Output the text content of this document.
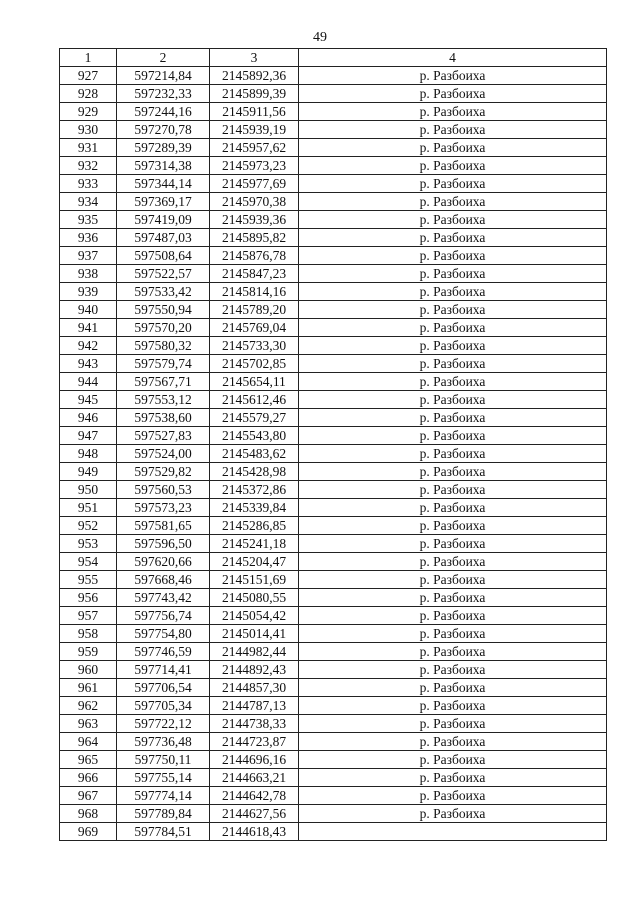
49
1	2	3	4
927	597214,84	2145892,36	р. Разбоиха
928	597232,33	2145899,39	р. Разбоиха
929	597244,16	2145911,56	р. Разбоиха
930	597270,78	2145939,19	р. Разбоиха
931	597289,39	2145957,62	р. Разбоиха
932	597314,38	2145973,23	р. Разбоиха
933	597344,14	2145977,69	р. Разбоиха
934	597369,17	2145970,38	р. Разбоиха
935	597419,09	2145939,36	р. Разбоиха
936	597487,03	2145895,82	р. Разбоиха
937	597508,64	2145876,78	р. Разбоиха
938	597522,57	2145847,23	р. Разбоиха
939	597533,42	2145814,16	р. Разбоиха
940	597550,94	2145789,20	р. Разбоиха
941	597570,20	2145769,04	р. Разбоиха
942	597580,32	2145733,30	р. Разбоиха
943	597579,74	2145702,85	р. Разбоиха
944	597567,71	2145654,11	р. Разбоиха
945	597553,12	2145612,46	р. Разбоиха
946	597538,60	2145579,27	р. Разбоиха
947	597527,83	2145543,80	р. Разбоиха
948	597524,00	2145483,62	р. Разбоиха
949	597529,82	2145428,98	р. Разбоиха
950	597560,53	2145372,86	р. Разбоиха
951	597573,23	2145339,84	р. Разбоиха
952	597581,65	2145286,85	р. Разбоиха
953	597596,50	2145241,18	р. Разбоиха
954	597620,66	2145204,47	р. Разбоиха
955	597668,46	2145151,69	р. Разбоиха
956	597743,42	2145080,55	р. Разбоиха
957	597756,74	2145054,42	р. Разбоиха
958	597754,80	2145014,41	р. Разбоиха
959	597746,59	2144982,44	р. Разбоиха
960	597714,41	2144892,43	р. Разбоиха
961	597706,54	2144857,30	р. Разбоиха
962	597705,34	2144787,13	р. Разбоиха
963	597722,12	2144738,33	р. Разбоиха
964	597736,48	2144723,87	р. Разбоиха
965	597750,11	2144696,16	р. Разбоиха
966	597755,14	2144663,21	р. Разбоиха
967	597774,14	2144642,78	р. Разбоиха
968	597789,84	2144627,56	р. Разбоиха
969	597784,51	2144618,43	
